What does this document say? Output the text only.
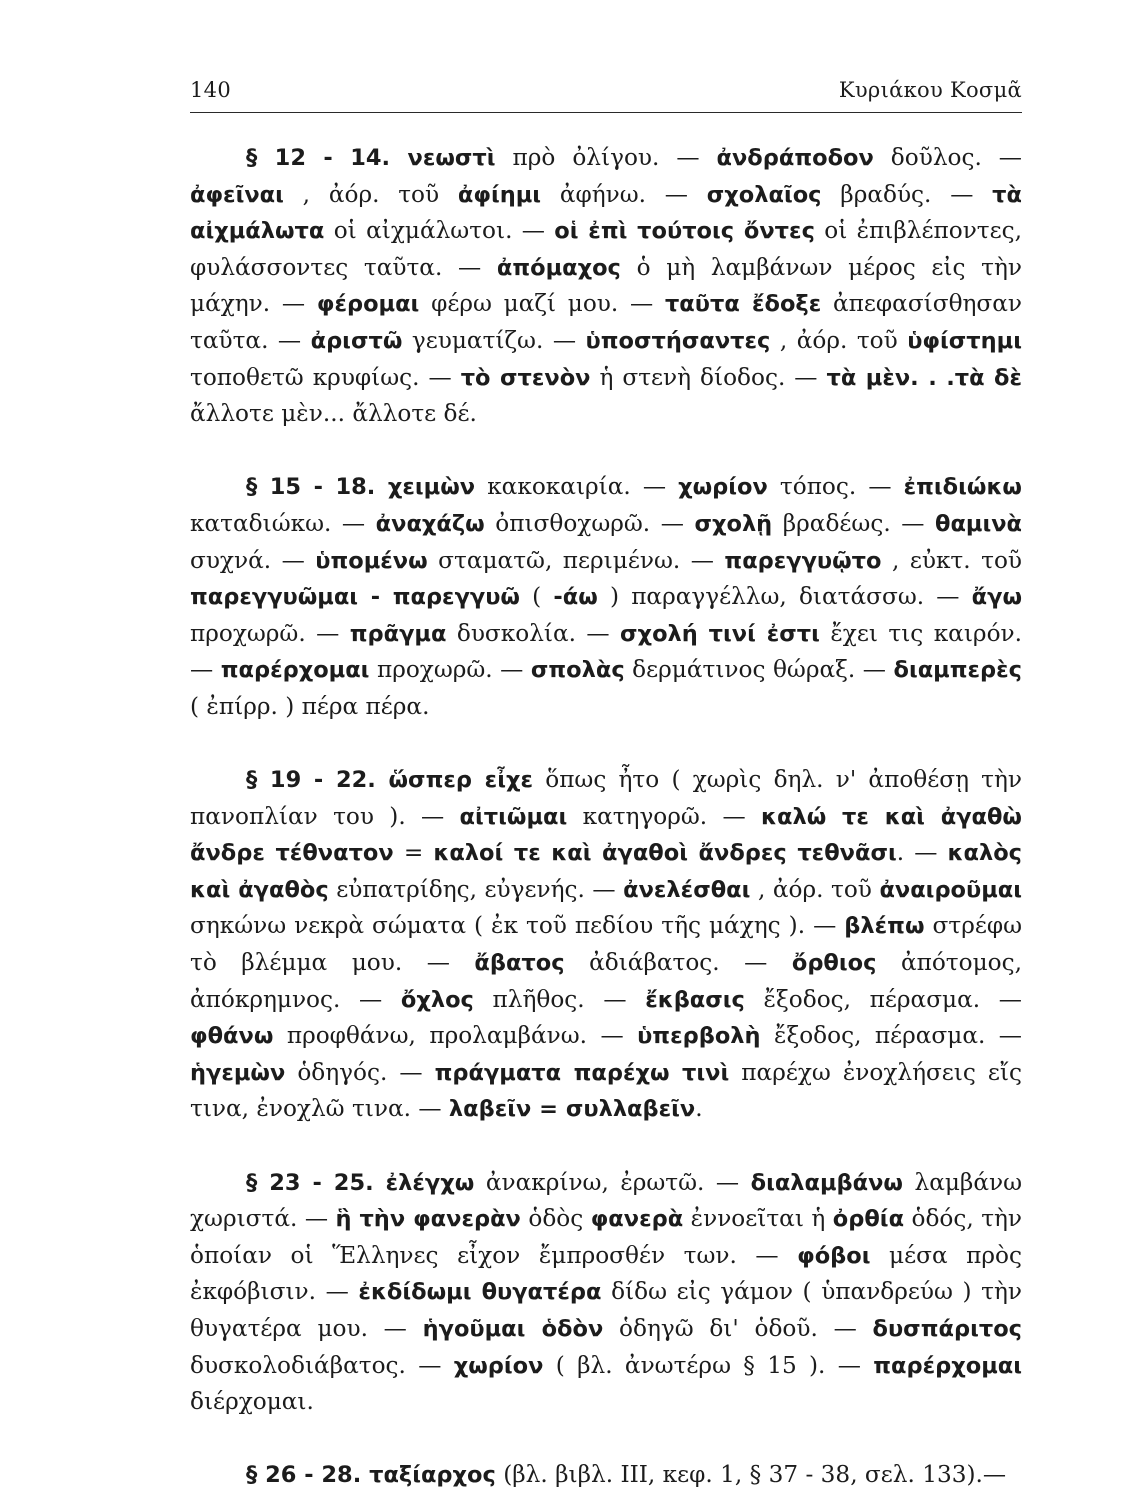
140	Κυριάκου Κοσμᾶ

§ 12 - 14. νεωστὶ πρὸ ὀλίγου. — ἀνδράποδον δοῦλος. — ἀφεῖναι , ἀόρ. τοῦ ἀφίημι ἀφήνω. — σχολαῖος βραδύς. — τὰ αἰχμάλωτα οἱ αἰχμάλωτοι. — οἱ ἐπὶ τούτοις ὄντες οἱ ἐπιβλέποντες, φυλάσσοντες ταῦτα. — ἀπόμαχος ὁ μὴ λαμβάνων μέρος εἰς τὴν μάχην. — φέρομαι φέρω μαζί μου. — ταῦτα ἔδοξε ἀπεφασίσθησαν ταῦτα. — ἀριστῶ γευματίζω. — ὑποστήσαντες , ἀόρ. τοῦ ὑφίστημι τοποθετῶ κρυφίως. — τὸ στενὸν ἡ στενὴ δίοδος. — τὰ μὲν. . .τὰ δὲ ἄλλοτε μὲν... ἄλλοτε δέ.

§ 15 - 18. χειμὼν κακοκαιρία. — χωρίον τόπος. — ἐπιδιώκω καταδιώκω. — ἀναχάζω ὀπισθοχωρῶ. — σχολῇ βραδέως. — θαμινὰ συχνά. — ὑπομένω σταματῶ, περιμένω. — παρεγγυῷτο , εὐκτ. τοῦ παρεγγυῶμαι - παρεγγυῶ ( -άω ) παραγγέλλω, διατάσσω. — ἄγω προχωρῶ. — πρᾶγμα δυσκολία. — σχολή τινί ἐστι ἔχει τις καιρόν. — παρέρχομαι προχωρῶ. — σπολὰς δερμάτινος θώραξ. — διαμπερὲς ( ἐπίρρ. ) πέρα πέρα.

§ 19 - 22. ὥσπερ εἶχε ὅπως ἦτο ( χωρὶς δηλ. ν' ἀποθέσῃ τὴν πανοπλίαν του ). — αἰτιῶμαι κατηγορῶ. — καλώ τε καὶ ἀγαθὼ ἄνδρε τέθνατον = καλοί τε καὶ ἀγαθοὶ ἄνδρες τεθνᾶσι. — καλὸς καὶ ἀγαθὸς εὐπατρίδης, εὐγενής. — ἀνελέσθαι , ἀόρ. τοῦ ἀναιροῦμαι σηκώνω νεκρὰ σώματα ( ἐκ τοῦ πεδίου τῆς μάχης ). — βλέπω στρέφω τὸ βλέμμα μου. — ἄβατος ἀδιάβατος. — ὄρθιος ἀπότομος, ἀπόκρημνος. — ὄχλος πλῆθος. — ἔκβασις ἔξοδος, πέρασμα. — φθάνω προφθάνω, προλαμβάνω. — ὑπερβολὴ ἔξοδος, πέρασμα. — ἡγεμὼν ὁδηγός. — πράγματα παρέχω τινὶ παρέχω ἐνοχλήσεις εἴς τινα, ἐνοχλῶ τινα. — λαβεῖν = συλλαβεῖν.

§ 23 - 25. ἐλέγχω ἀνακρίνω, ἐρωτῶ. — διαλαμβάνω λαμβάνω χωριστά. — ἣ τὴν φανερὰν ὁδὸς φανερὰ ἐννοεῖται ἡ ὀρθία ὁδός, τὴν ὁποίαν οἱ Ἕλληνες εἶχον ἔμπροσθέν των. — φόβοι μέσα πρὸς ἐκφόβισιν. — ἐκδίδωμι θυγατέρα δίδω εἰς γάμον ( ὑπανδρεύω ) τὴν θυγατέρα μου. — ἡγοῦμαι ὁδὸν ὁδηγῶ δι' ὁδοῦ. — δυσπάριτος δυσκολοδιάβατος. — χωρίον ( βλ. ἀνωτέρω § 15 ). — παρέρχομαι διέρχομαι.

§ 26 - 28. ταξίαρχος (βλ. βιβλ. III, κεφ. 1, § 37 - 38, σελ. 133).—
